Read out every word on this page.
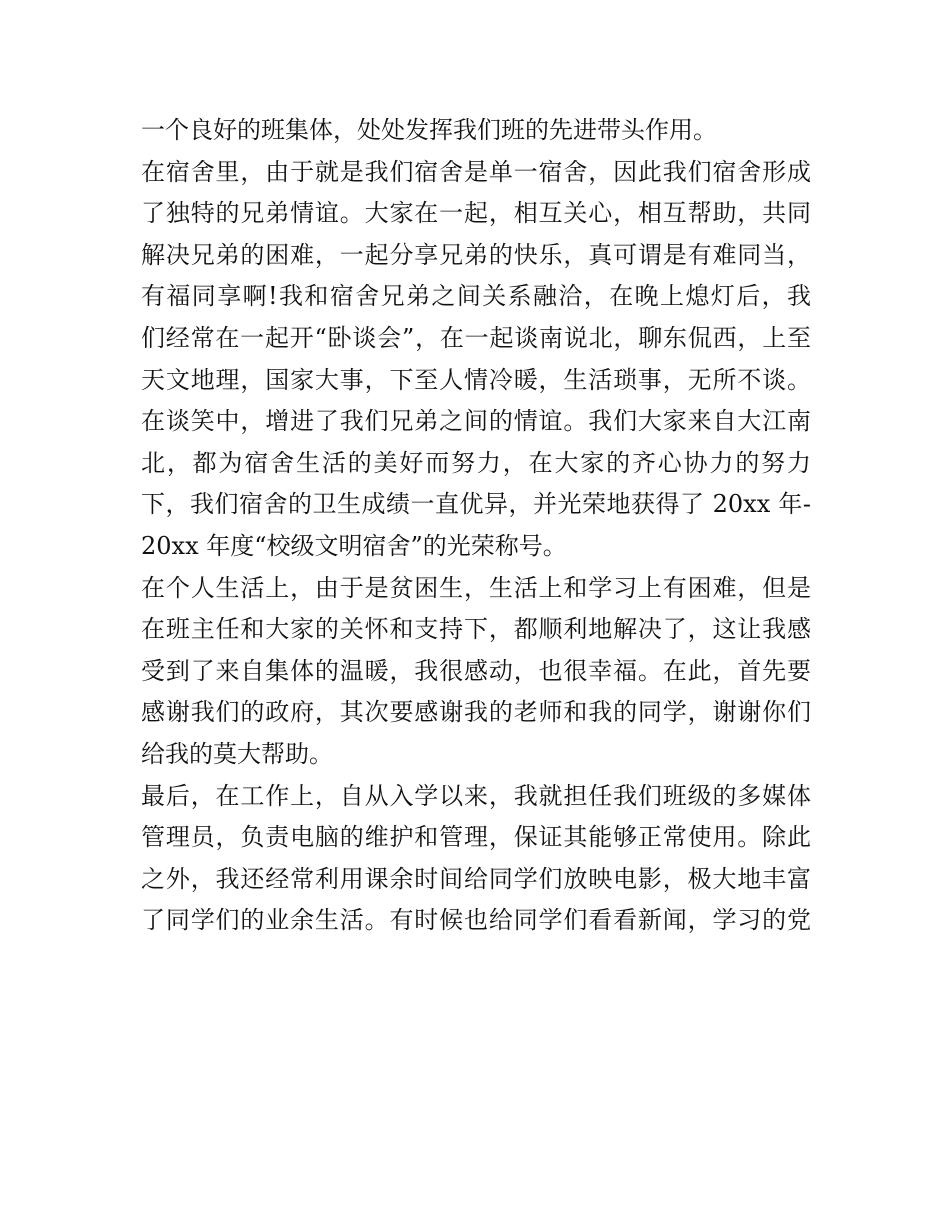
一个良好的班集体，处处发挥我们班的先进带头作用。
在宿舍里，由于就是我们宿舍是单一宿舍，因此我们宿舍形成
了独特的兄弟情谊。大家在一起，相互关心，相互帮助，共同
解决兄弟的困难，一起分享兄弟的快乐，真可谓是有难同当，
有福同享啊!我和宿舍兄弟之间关系融洽，在晚上熄灯后，我
们经常在一起开“卧谈会”，在一起谈南说北，聊东侃西，上至
天文地理，国家大事，下至人情冷暖，生活琐事，无所不谈。
在谈笑中，增进了我们兄弟之间的情谊。我们大家来自大江南
北，都为宿舍生活的美好而努力，在大家的齐心协力的努力
下，我们宿舍的卫生成绩一直优异，并光荣地获得了 20xx 年-
20xx 年度“校级文明宿舍”的光荣称号。
在个人生活上，由于是贫困生，生活上和学习上有困难，但是
在班主任和大家的关怀和支持下，都顺利地解决了，这让我感
受到了来自集体的温暖，我很感动，也很幸福。在此，首先要
感谢我们的政府，其次要感谢我的老师和我的同学，谢谢你们
给我的莫大帮助。
最后，在工作上，自从入学以来，我就担任我们班级的多媒体
管理员，负责电脑的维护和管理，保证其能够正常使用。除此
之外，我还经常利用课余时间给同学们放映电影，极大地丰富
了同学们的业余生活。有时候也给同学们看看新闻，学习的党
